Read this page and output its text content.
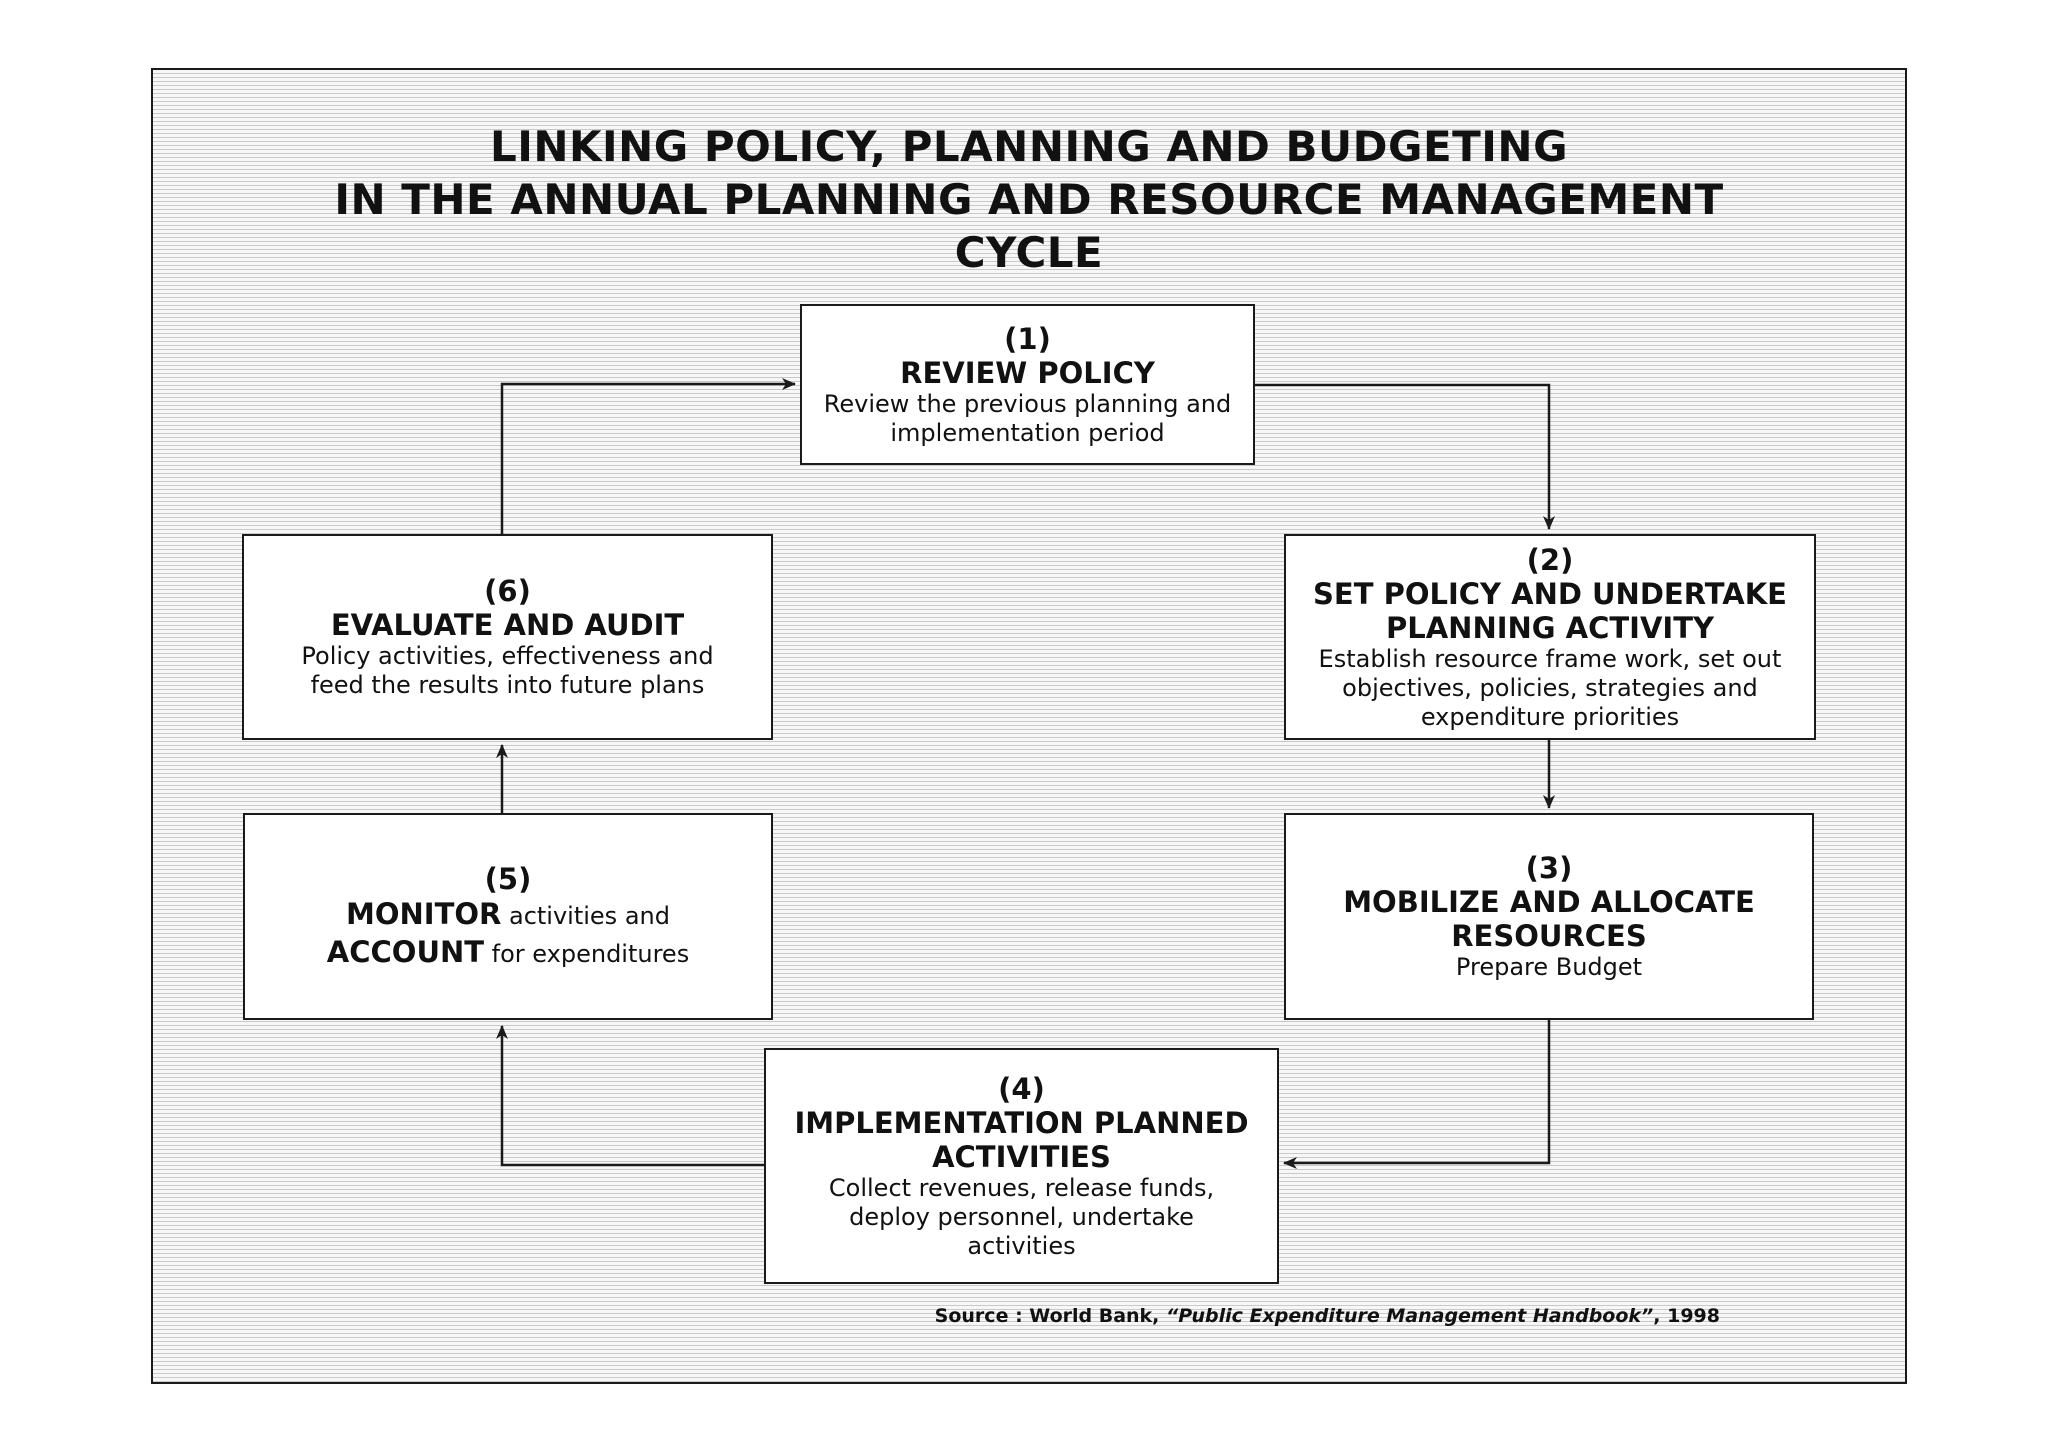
LINKING POLICY, PLANNING AND BUDGETING
IN THE ANNUAL PLANNING AND RESOURCE MANAGEMENT
CYCLE
(1)
REVIEW POLICY
Review the previous planning and
implementation period
(2)
SET POLICY AND UNDERTAKE
PLANNING ACTIVITY
Establish resource frame work, set out
objectives, policies, strategies and
expenditure priorities
(3)
MOBILIZE AND ALLOCATE
RESOURCES
Prepare Budget
(4)
IMPLEMENTATION PLANNED
ACTIVITIES
Collect revenues, release funds,
deploy personnel, undertake
activities
(5)
MONITOR activities and
ACCOUNT for expenditures
(6)
EVALUATE AND AUDIT
Policy activities, effectiveness and
feed the results into future plans
Source : World Bank, “Public Expenditure Management Handbook”, 1998
